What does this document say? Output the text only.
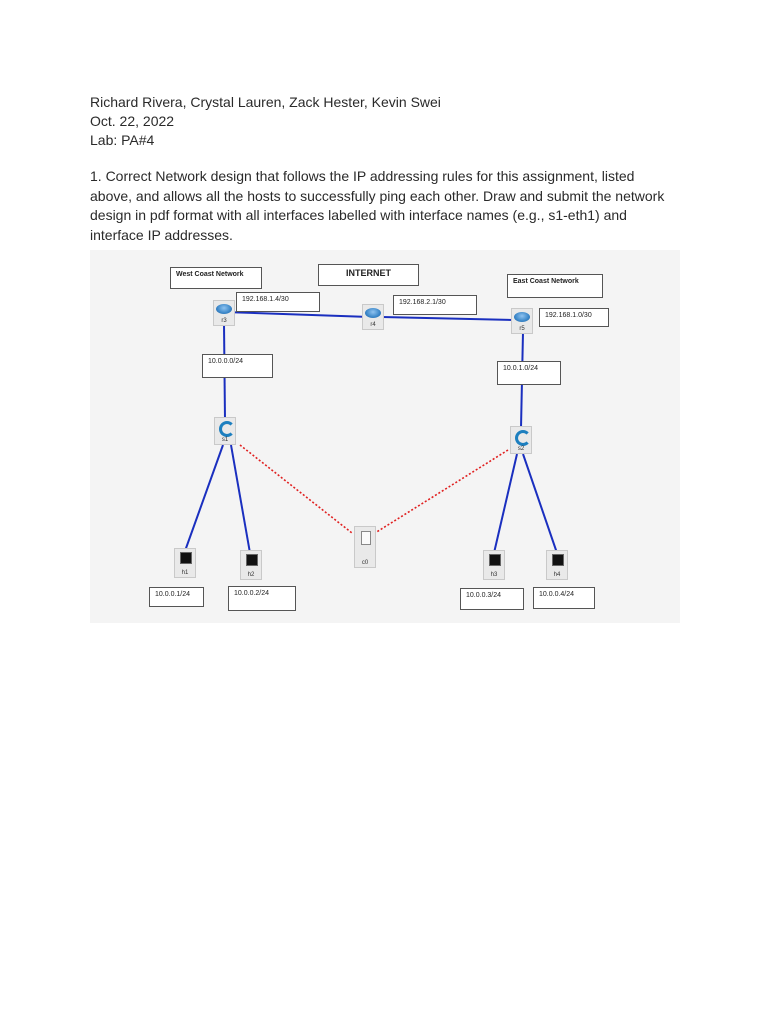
Richard Rivera, Crystal Lauren, Zack Hester, Kevin Swei
Oct. 22, 2022
Lab: PA#4
1. Correct Network design that follows the IP addressing rules for this assignment, listed above, and allows all the hosts to successfully ping each other. Draw and submit the network design in pdf format with all interfaces labelled with interface names (e.g., s1-eth1) and interface IP addresses.
West Coast Network	INTERNET
East Coast Network
192.168.1.4/30	192.168.2.1/30
192.168.1.0/30
10.0.0.0/24
10.0.1.0/24
10.0.0.1/24	10.0.0.2/24	10.0.0.3/24	10.0.0.4/24
r3
r4
r5
s1
s2
c0
h1	h2	h3	h4
